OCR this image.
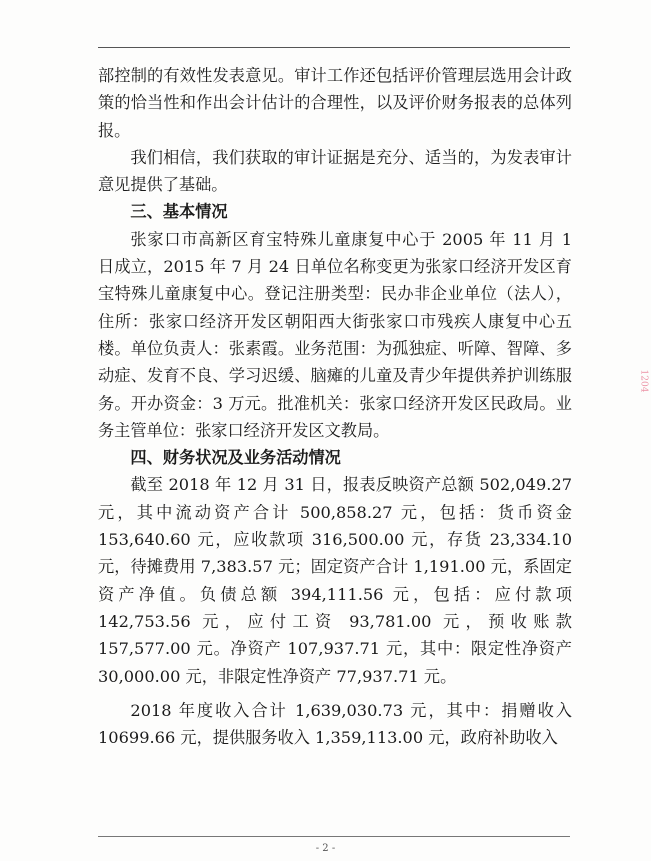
部控制的有效性发表意见。审计工作还包括评价管理层选用会计政策的恰当性和作出会计估计的合理性，以及评价财务报表的总体列报。

我们相信，我们获取的审计证据是充分、适当的，为发表审计意见提供了基础。

三、基本情况

张家口市高新区育宝特殊儿童康复中心于 2005 年 11 月 1 日成立，2015 年 7 月 24 日单位名称变更为张家口经济开发区育宝特殊儿童康复中心。登记注册类型：民办非企业单位（法人），住所：张家口经济开发区朝阳西大街张家口市残疾人康复中心五楼。单位负责人：张素霞。业务范围：为孤独症、听障、智障、多动症、发育不良、学习迟缓、脑瘫的儿童及青少年提供养护训练服务。开办资金：3 万元。批准机关：张家口经济开发区民政局。业务主管单位：张家口经济开发区文教局。

四、财务状况及业务活动情况

截至 2018 年 12 月 31 日，报表反映资产总额 502,049.27 元，其中流动资产合计 500,858.27 元，包括：货币资金 153,640.60 元，应收款项 316,500.00 元，存货 23,334.10 元，待摊费用 7,383.57 元；固定资产合计 1,191.00 元，系固定资产净值。负债总额 394,111.56 元，包括：应付款项 142,753.56 元，应付工资 93,781.00 元，预收账款 157,577.00 元。净资产 107,937.71 元，其中：限定性净资产 30,000.00 元，非限定性净资产 77,937.71 元。

2018 年度收入合计 1,639,030.73 元，其中：捐赠收入 10699.66 元，提供服务收入 1,359,113.00 元，政府补助收入

1204
- 2 -
